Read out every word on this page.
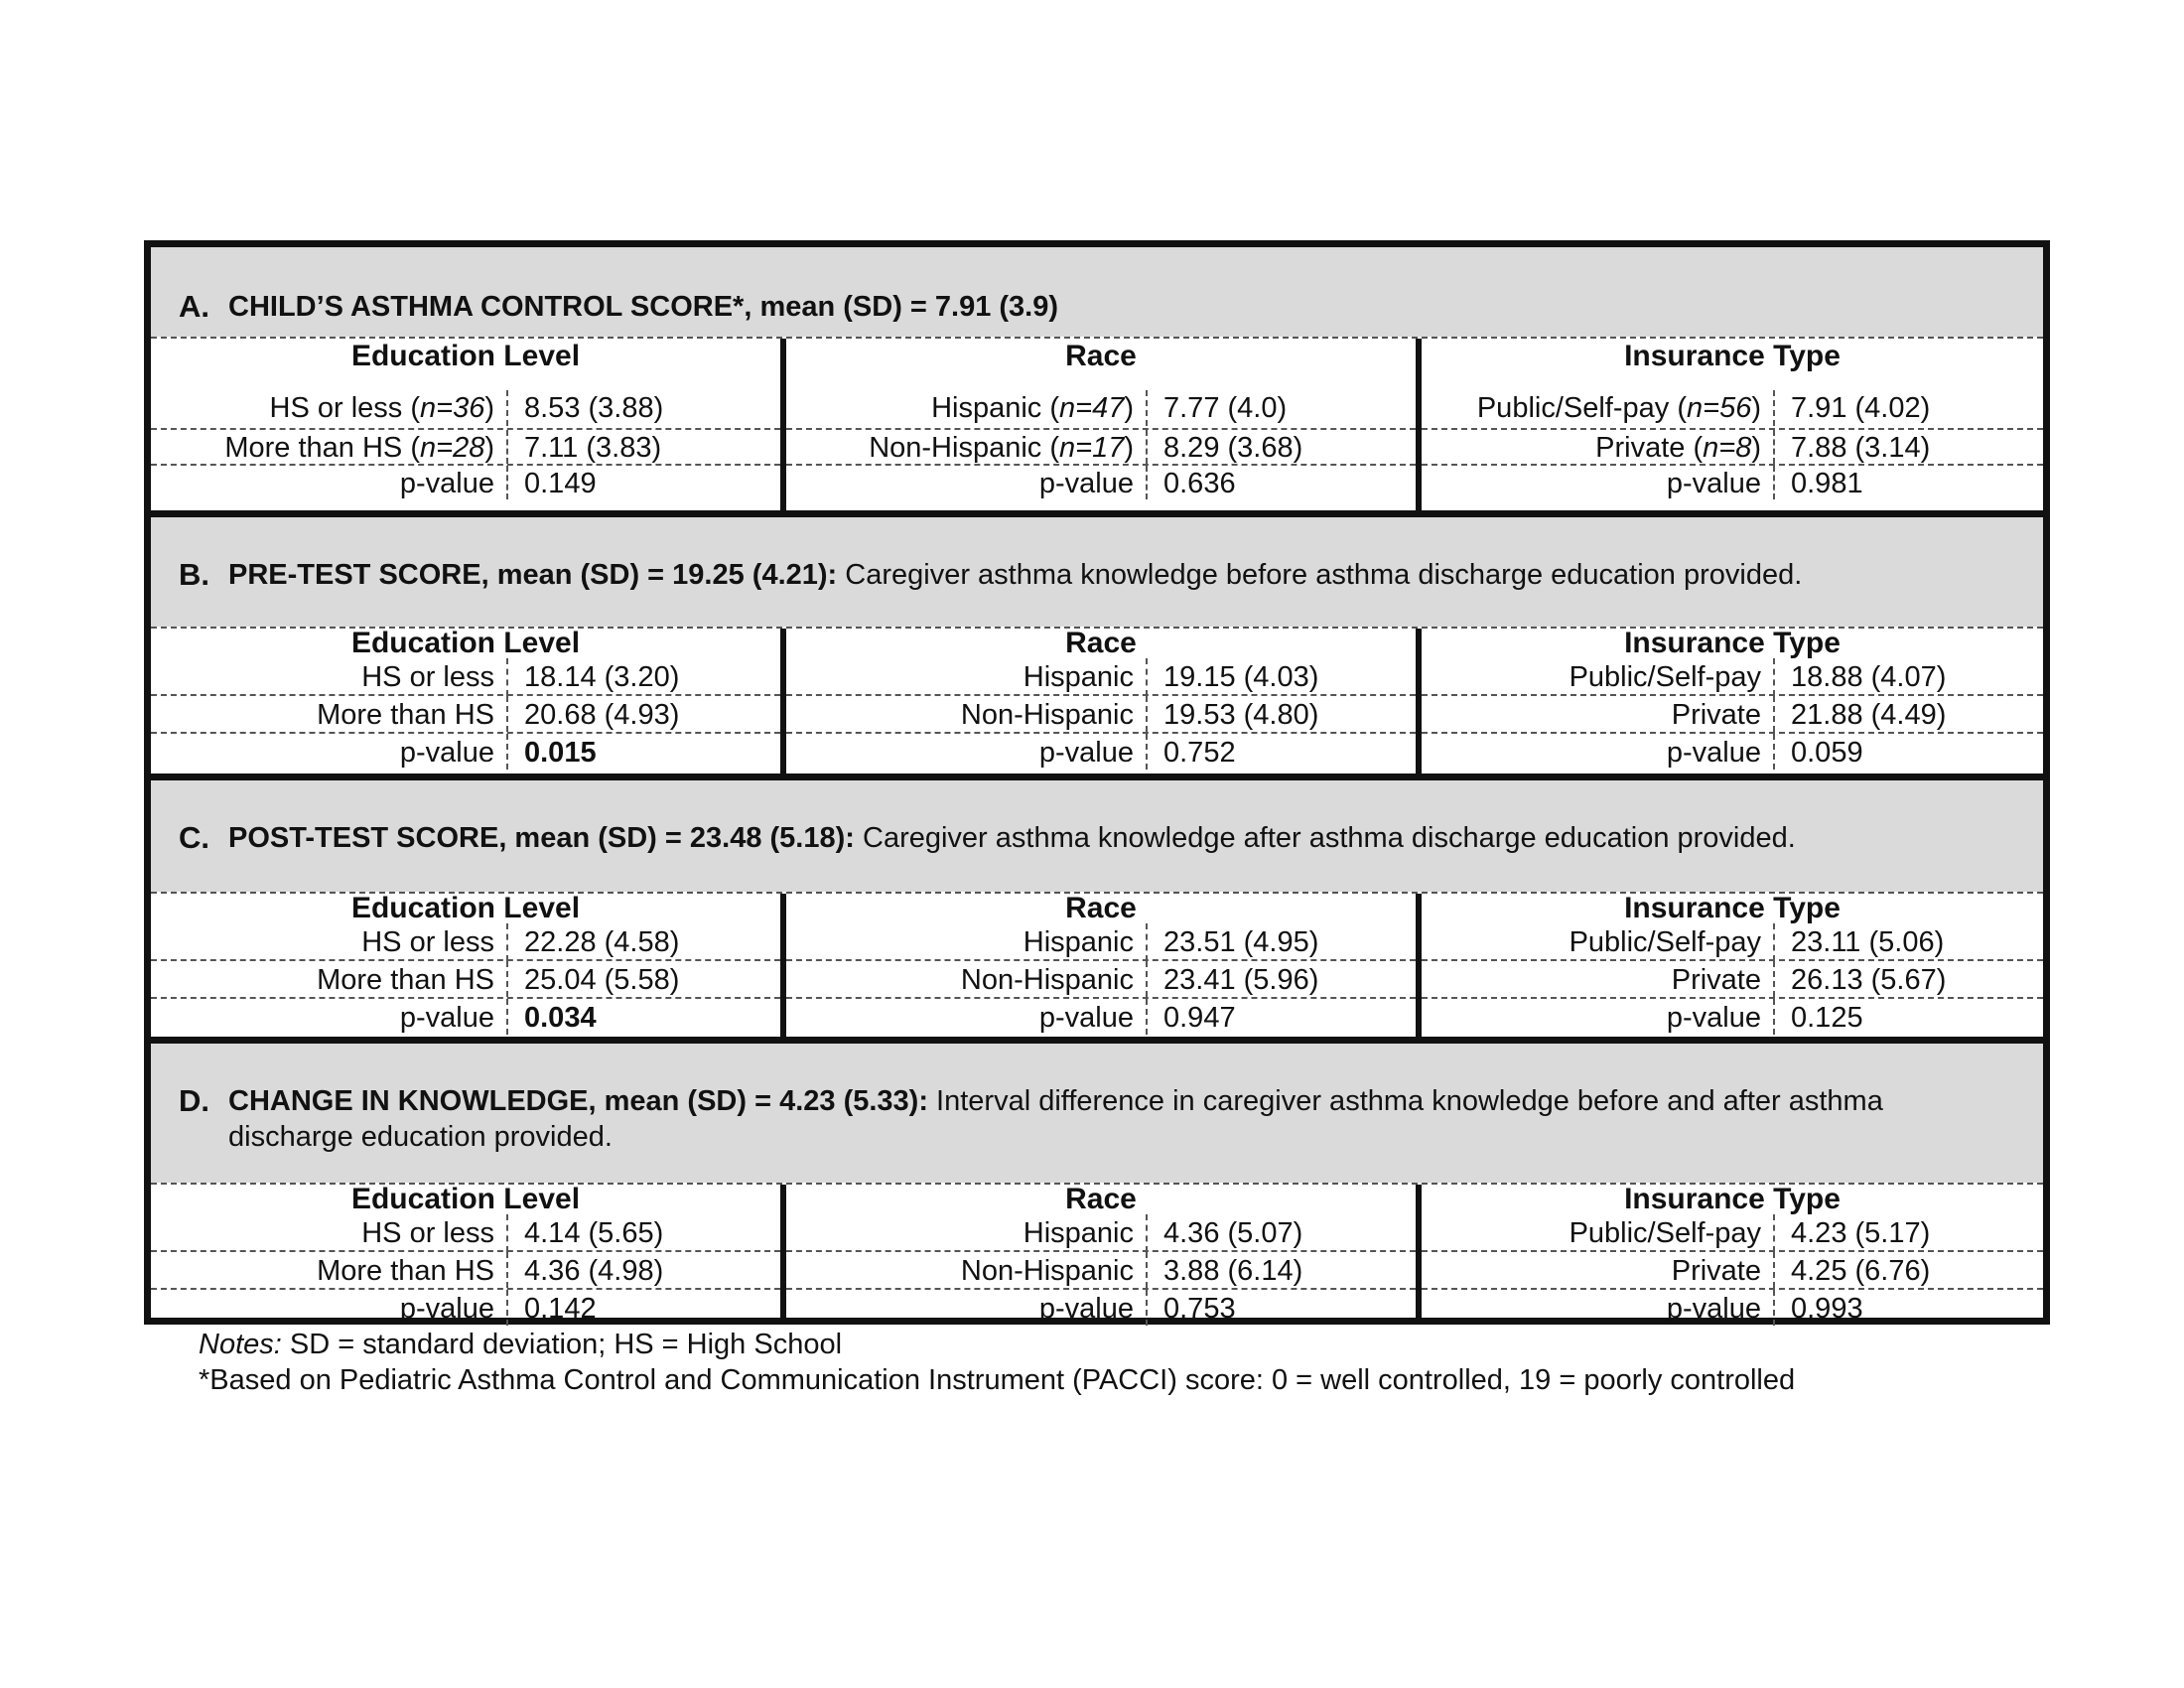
A. CHILD’S ASTHMA CONTROL SCORE*, mean (SD) = 7.91 (3.9)
Education Level
HS or less (n=36)	8.53 (3.88)
More than HS (n=28)	7.11 (3.83)
p-value	0.149
Race
Hispanic (n=47)	7.77 (4.0)
Non-Hispanic (n=17)	8.29 (3.68)
p-value	0.636
Insurance Type
Public/Self-pay (n=56)	7.91 (4.02)
Private (n=8)	7.88 (3.14)
p-value	0.981
B. PRE-TEST SCORE, mean (SD) = 19.25 (4.21): Caregiver asthma knowledge before asthma discharge education provided.
Education Level
HS or less	18.14 (3.20)
More than HS	20.68 (4.93)
p-value	0.015
Race
Hispanic	19.15 (4.03)
Non-Hispanic	19.53 (4.80)
p-value	0.752
Insurance Type
Public/Self-pay	18.88 (4.07)
Private	21.88 (4.49)
p-value	0.059
C. POST-TEST SCORE, mean (SD) = 23.48 (5.18): Caregiver asthma knowledge after asthma discharge education provided.
Education Level
HS or less	22.28 (4.58)
More than HS	25.04 (5.58)
p-value	0.034
Race
Hispanic	23.51 (4.95)
Non-Hispanic	23.41 (5.96)
p-value	0.947
Insurance Type
Public/Self-pay	23.11 (5.06)
Private	26.13 (5.67)
p-value	0.125
D. CHANGE IN KNOWLEDGE, mean (SD) = 4.23 (5.33): Interval difference in caregiver asthma knowledge before and after asthma discharge education provided.
Education Level
HS or less	4.14 (5.65)
More than HS	4.36 (4.98)
p-value	0.142
Race
Hispanic	4.36 (5.07)
Non-Hispanic	3.88 (6.14)
p-value	0.753
Insurance Type
Public/Self-pay	4.23 (5.17)
Private	4.25 (6.76)
p-value	0.993
Notes: SD = standard deviation; HS = High School
*Based on Pediatric Asthma Control and Communication Instrument (PACCI) score: 0 = well controlled, 19 = poorly controlled
